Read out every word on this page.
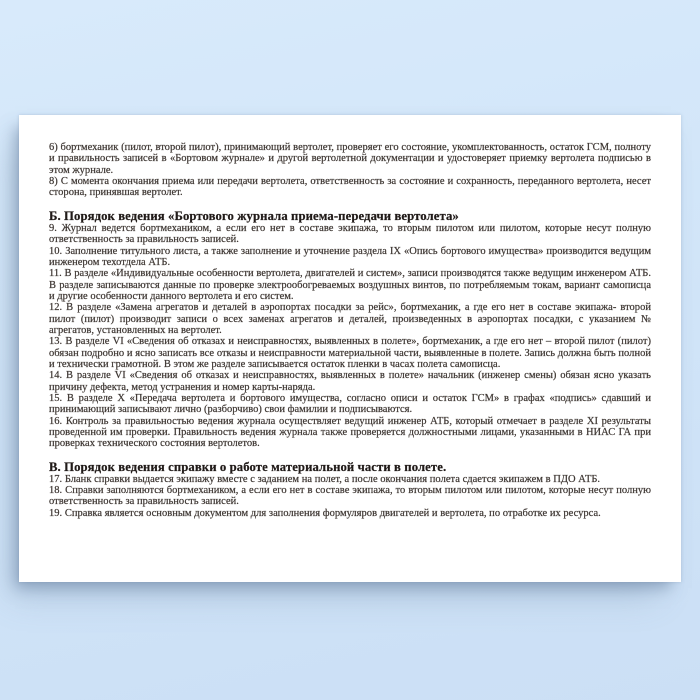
6) бортмеханик (пилот, второй пилот), принимающий вертолет, проверяет его состояние, укомплектованность, остаток ГСМ, полноту и правильность записей в «Бортовом журнале» и другой вертолетной документации и удостоверяет приемку вертолета подписью в этом журнале.

8) С момента окончания приема или передачи вертолета, ответственность за состояние и сохранность, переданного вертолета, несет сторона, принявшая вертолет.

Б. Порядок ведения «Бортового журнала приема-передачи вертолета»

9. Журнал ведется бортмехаником, а если его нет в составе экипажа, то вторым пилотом или пилотом, которые несут полную ответственность за правильность записей.

10. Заполнение титульного листа, а также заполнение и уточнение раздела IX «Опись бортового имущества» производится ведущим инженером техотдела АТБ.

11. В разделе «Индивидуальные особенности вертолета, двигателей и систем», записи производятся также ведущим инженером АТБ. В разделе записываются данные по проверке электрообогреваемых воздушных винтов, по потребляемым токам, вариант самописца и другие особенности данного вертолета и его систем.

12. В разделе «Замена агрегатов и деталей в аэропортах посадки за рейс», бортмеханик, а где его нет в составе экипажа- второй пилот (пилот) производит записи о всех заменах агрегатов и деталей, произведенных в аэропортах посадки, с указанием № агрегатов, установленных на вертолет.

13. В разделе VI «Сведения об отказах и неисправностях, выявленных в полете», бортмеханик, а где его нет – второй пилот (пилот) обязан подробно и ясно записать все отказы и неисправности материальной части, выявленные в полете. Запись должна быть полной и технически грамотной. В этом же разделе записывается остаток пленки в часах полета самописца.

14. В разделе VI «Сведения об отказах и неисправностях, выявленных в полете» начальник (инженер смены) обязан ясно указать причину дефекта, метод устранения и номер карты-наряда.

15. В разделе X «Передача вертолета и бортового имущества, согласно описи и остаток ГСМ» в графах «подпись» сдавший и принимающий записывают лично (разборчиво) свои фамилии и подписываются.

16. Контроль за правильностью ведения журнала осуществляет ведущий инженер АТБ, который отмечает в разделе XI результаты проведенной им проверки. Правильность ведения журнала также проверяется должностными лицами, указанными в НИАС ГА при проверках технического состояния вертолетов.

В. Порядок ведения справки о работе материальной части в полете.

17. Бланк справки выдается экипажу вместе с заданием на полет, а после окончания полета сдается экипажем в ПДО АТБ.

18. Справки заполняются бортмехаником, а если его нет в составе экипажа, то вторым пилотом или пилотом, которые несут полную ответственность за правильность записей.

19. Справка является основным документом для заполнения формуляров двигателей и вертолета, по отработке их ресурса.
